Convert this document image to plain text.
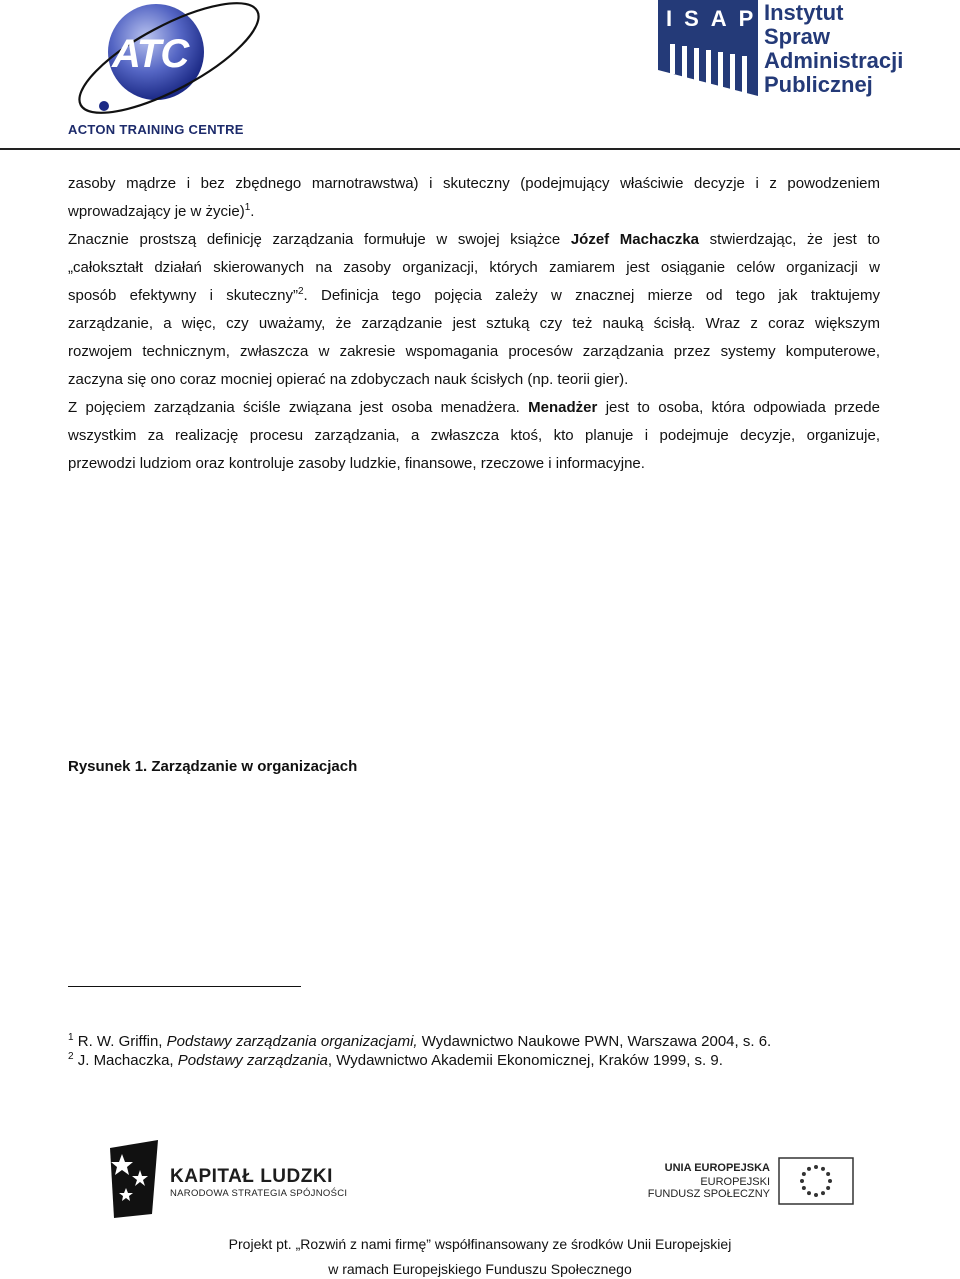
ATC
ACTON TRAINING CENTRE
ISAP
Instytut
Spraw
Administracji
Publicznej
zasoby mądrze i bez zbędnego marnotrawstwa) i skuteczny (podejmujący właściwie decyzje i z powodzeniem
wprowadzający je w życie)$^1$.
Znacznie prostszą definicję zarządzania formułuje w swojej książce Józef Machaczka stwierdzając, że jest to
„całokształt działań skierowanych na zasoby organizacji, których zamiarem jest osiąganie celów organizacji w
sposób efektywny i skuteczny”$^2$. Definicja tego pojęcia zależy w znacznej mierze od tego jak traktujemy
zarządzanie, a więc, czy uważamy, że zarządzanie jest sztuką czy też nauką ścisłą. Wraz z coraz większym
rozwojem technicznym, zwłaszcza w zakresie wspomagania procesów zarządzania przez systemy komputerowe,
zaczyna się ono coraz mocniej opierać na zdobyczach nauk ścisłych (np. teorii gier).
Z pojęciem zarządzania ściśle związana jest osoba menadżera. Menadżer jest to osoba, która odpowiada przede
wszystkim za realizację procesu zarządzania, a zwłaszcza ktoś, kto planuje i podejmuje decyzje, organizuje,
przewodzi ludziom oraz kontroluje zasoby ludzkie, finansowe, rzeczowe i informacyjne.
Rysunek 1. Zarządzanie w organizacjach
$^1$ R. W. Griffin, Podstawy zarządzania organizacjami, Wydawnictwo Naukowe PWN, Warszawa 2004, s. 6.
$^2$ J. Machaczka, Podstawy zarządzania, Wydawnictwo Akademii Ekonomicznej, Kraków 1999, s. 9.
KAPITAŁ LUDZKI
NARODOWA STRATEGIA SPÓJNOŚCI
UNIA EUROPEJSKA
EUROPEJSKI
FUNDUSZ SPOŁECZNY
Projekt pt. „Rozwiń z nami firmę” współfinansowany ze środków Unii Europejskiej
w ramach Europejskiego Funduszu Społecznego
